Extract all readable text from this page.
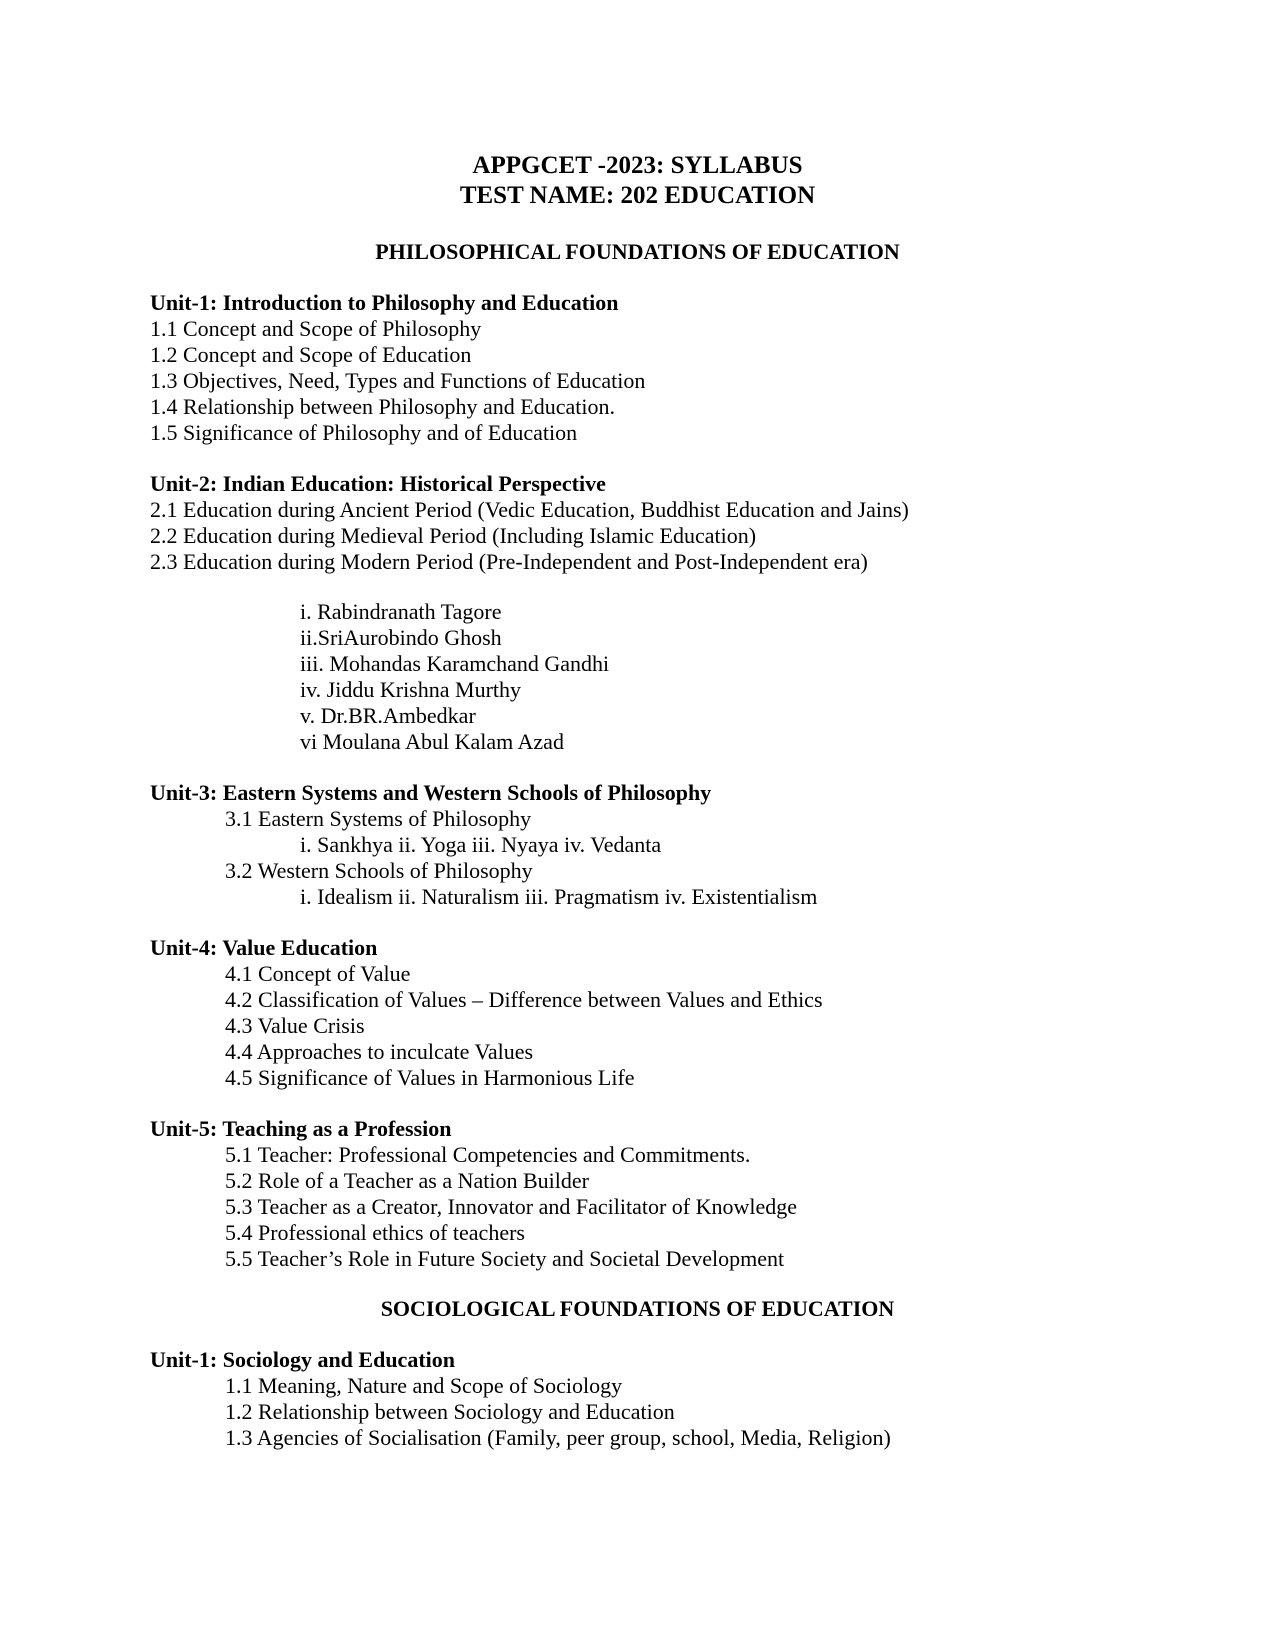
APPGCET -2023: SYLLABUS
TEST NAME: 202 EDUCATION
PHILOSOPHICAL FOUNDATIONS OF EDUCATION
Unit-1: Introduction to Philosophy and Education
1.1 Concept and Scope of Philosophy
1.2 Concept and Scope of Education
1.3 Objectives, Need, Types and Functions of Education
1.4 Relationship between Philosophy and Education.
1.5 Significance of Philosophy and of Education
Unit-2: Indian Education: Historical Perspective
2.1 Education during Ancient Period (Vedic Education, Buddhist Education and Jains)
2.2 Education during Medieval Period (Including Islamic Education)
2.3 Education during Modern Period (Pre-Independent and Post-Independent era)
i. Rabindranath Tagore
ii.SriAurobindo Ghosh
iii. Mohandas Karamchand Gandhi
iv. Jiddu Krishna Murthy
v. Dr.BR.Ambedkar
vi Moulana Abul Kalam Azad
Unit-3: Eastern Systems and Western Schools of Philosophy
3.1 Eastern Systems of Philosophy
i. Sankhya ii. Yoga iii. Nyaya iv. Vedanta
3.2 Western Schools of Philosophy
i. Idealism ii. Naturalism iii. Pragmatism iv. Existentialism
Unit-4: Value Education
4.1 Concept of Value
4.2 Classification of Values – Difference between Values and Ethics
4.3 Value Crisis
4.4 Approaches to inculcate Values
4.5 Significance of Values in Harmonious Life
Unit-5: Teaching as a Profession
5.1 Teacher: Professional Competencies and Commitments.
5.2 Role of a Teacher as a Nation Builder
5.3 Teacher as a Creator, Innovator and Facilitator of Knowledge
5.4 Professional ethics of teachers
5.5 Teacher’s Role in Future Society and Societal Development
SOCIOLOGICAL FOUNDATIONS OF EDUCATION
Unit-1: Sociology and Education
1.1 Meaning, Nature and Scope of Sociology
1.2 Relationship between Sociology and Education
1.3 Agencies of Socialisation (Family, peer group, school, Media, Religion)
